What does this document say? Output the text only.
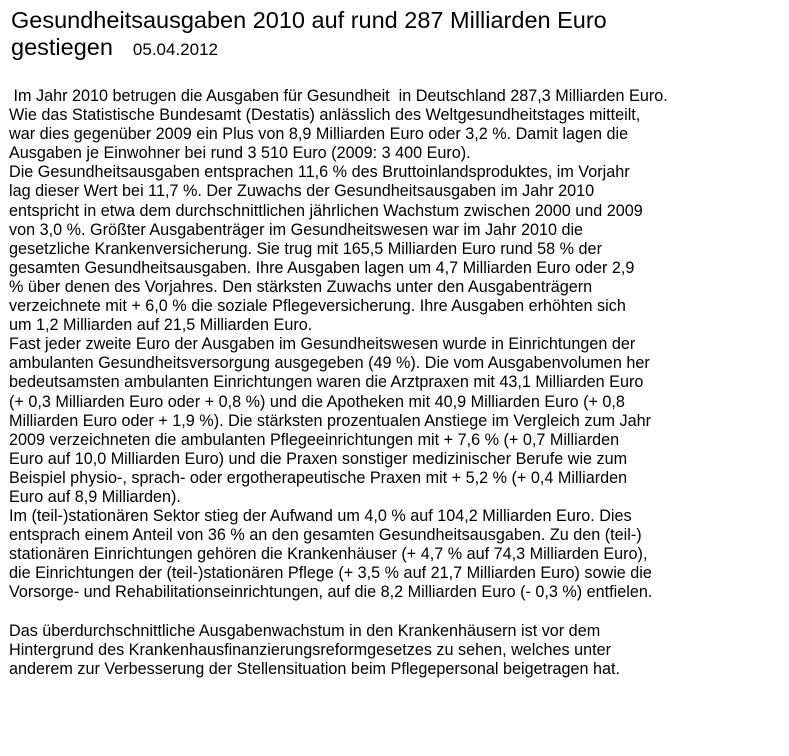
Gesundheitsausgaben 2010 auf rund 287 Milliarden Euro
gestiegen 05.04.2012
Im Jahr 2010 betrugen die Ausgaben für Gesundheit  in Deutschland 287,3 Milliarden Euro.
Wie das Statistische Bundesamt (Destatis) anlässlich des Weltgesundheitstages mitteilt,
war dies gegenüber 2009 ein Plus von 8,9 Milliarden Euro oder 3,2 %. Damit lagen die
Ausgaben je Einwohner bei rund 3 510 Euro (2009: 3 400 Euro).
Die Gesundheitsausgaben entsprachen 11,6 % des Bruttoinlandsproduktes, im Vorjahr
lag dieser Wert bei 11,7 %. Der Zuwachs der Gesundheitsausgaben im Jahr 2010
entspricht in etwa dem durchschnittlichen jährlichen Wachstum zwischen 2000 und 2009
von 3,0 %. Größter Ausgabenträger im Gesundheitswesen war im Jahr 2010 die
gesetzliche Krankenversicherung. Sie trug mit 165,5 Milliarden Euro rund 58 % der
gesamten Gesundheitsausgaben. Ihre Ausgaben lagen um 4,7 Milliarden Euro oder 2,9
% über denen des Vorjahres. Den stärksten Zuwachs unter den Ausgabenträgern
verzeichnete mit + 6,0 % die soziale Pflegeversicherung. Ihre Ausgaben erhöhten sich
um 1,2 Milliarden auf 21,5 Milliarden Euro.
Fast jeder zweite Euro der Ausgaben im Gesundheitswesen wurde in Einrichtungen der
ambulanten Gesundheitsversorgung ausgegeben (49 %). Die vom Ausgabenvolumen her
bedeutsamsten ambulanten Einrichtungen waren die Arztpraxen mit 43,1 Milliarden Euro
(+ 0,3 Milliarden Euro oder + 0,8 %) und die Apotheken mit 40,9 Milliarden Euro (+ 0,8
Milliarden Euro oder + 1,9 %). Die stärksten prozentualen Anstiege im Vergleich zum Jahr
2009 verzeichneten die ambulanten Pflegeeinrichtungen mit + 7,6 % (+ 0,7 Milliarden
Euro auf 10,0 Milliarden Euro) und die Praxen sonstiger medizinischer Berufe wie zum
Beispiel physio-, sprach- oder ergotherapeutische Praxen mit + 5,2 % (+ 0,4 Milliarden
Euro auf 8,9 Milliarden).
Im (teil-)stationären Sektor stieg der Aufwand um 4,0 % auf 104,2 Milliarden Euro. Dies
entsprach einem Anteil von 36 % an den gesamten Gesundheitsausgaben. Zu den (teil-)
stationären Einrichtungen gehören die Krankenhäuser (+ 4,7 % auf 74,3 Milliarden Euro),
die Einrichtungen der (teil-)stationären Pflege (+ 3,5 % auf 21,7 Milliarden Euro) sowie die
Vorsorge- und Rehabilitationseinrichtungen, auf die 8,2 Milliarden Euro (- 0,3 %) entfielen.
Das überdurchschnittliche Ausgabenwachstum in den Krankenhäusern ist vor dem
Hintergrund des Krankenhausfinanzierungsreformgesetzes zu sehen, welches unter
anderem zur Verbesserung der Stellensituation beim Pflegepersonal beigetragen hat.
